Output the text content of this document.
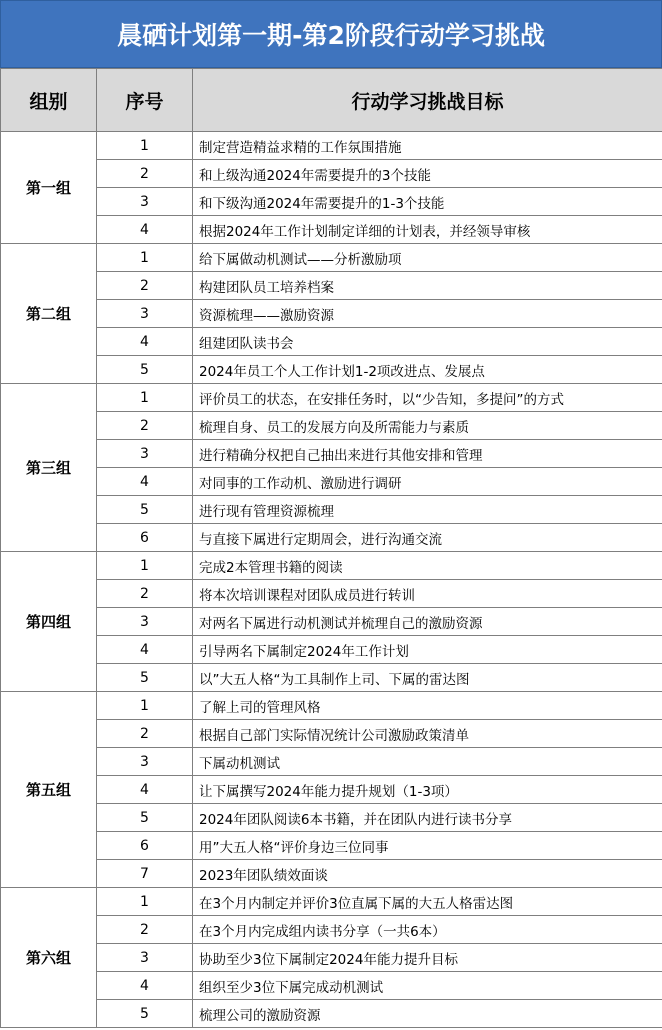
晨硒计划第一期-第2阶段行动学习挑战
组别	序号	行动学习挑战目标
第一组	1	制定营造精益求精的工作氛围措施
	2	和上级沟通2024年需要提升的3个技能
	3	和下级沟通2024年需要提升的1-3个技能
	4	根据2024年工作计划制定详细的计划表，并经领导审核
第二组	1	给下属做动机测试——分析激励项
	2	构建团队员工培养档案
	3	资源梳理——激励资源
	4	组建团队读书会
	5	2024年员工个人工作计划1-2项改进点、发展点
第三组	1	评价员工的状态，在安排任务时，以“少告知，多提问”的方式
	2	梳理自身、员工的发展方向及所需能力与素质
	3	进行精确分权把自己抽出来进行其他安排和管理
	4	对同事的工作动机、激励进行调研
	5	进行现有管理资源梳理
	6	与直接下属进行定期周会，进行沟通交流
第四组	1	完成2本管理书籍的阅读
	2	将本次培训课程对团队成员进行转训
	3	对两名下属进行动机测试并梳理自己的激励资源
	4	引导两名下属制定2024年工作计划
	5	以”大五人格“为工具制作上司、下属的雷达图
第五组	1	了解上司的管理风格
	2	根据自己部门实际情况统计公司激励政策清单
	3	下属动机测试
	4	让下属撰写2024年能力提升规划（1-3项）
	5	2024年团队阅读6本书籍，并在团队内进行读书分享
	6	用”大五人格“评价身边三位同事
	7	2023年团队绩效面谈
第六组	1	在3个月内制定并评价3位直属下属的大五人格雷达图
	2	在3个月内完成组内读书分享（一共6本）
	3	协助至少3位下属制定2024年能力提升目标
	4	组织至少3位下属完成动机测试
	5	梳理公司的激励资源
